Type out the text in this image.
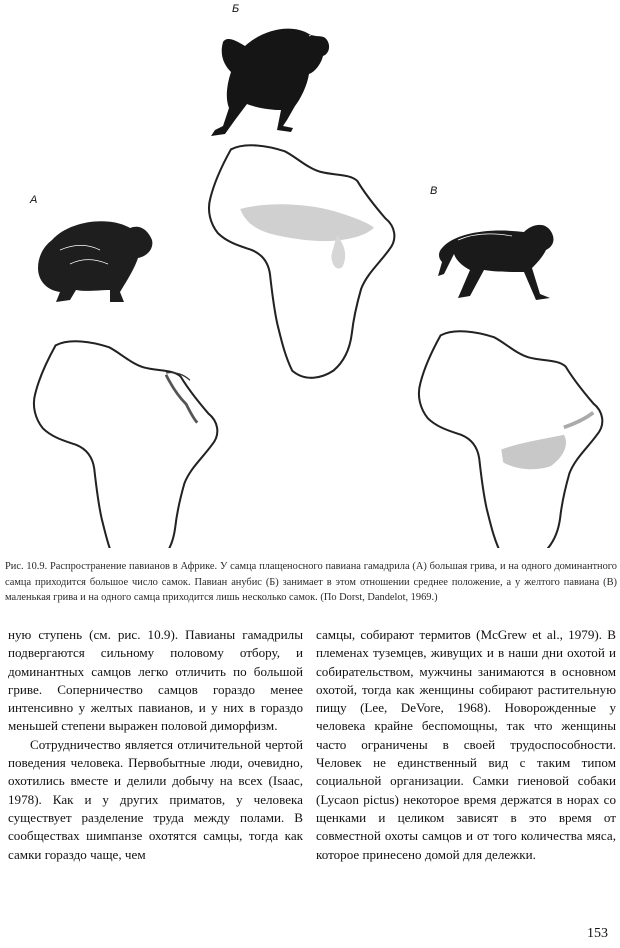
Б
А
В
Рис. 10.9. Распространение павианов в Африке. У самца плащеносного павиана гамадрила (А) большая грива, и на одного доминантного самца приходится большое число самок. Павиан анубис (Б) занимает в этом отношении среднее положение, а у желтого павиана (В) маленькая грива и на одного самца приходится лишь несколько самок. (По Dorst, Dandelot, 1969.)

ную ступень (см. рис. 10.9). Павианы гамадрилы подвергаются сильному половому отбору, и доминантных самцов легко отличить по большой гриве. Соперничество самцов гораздо менее интенсивно у желтых павианов, и у них в гораздо меньшей степени выражен половой диморфизм.

Сотрудничество является отличительной чертой поведения человека. Первобытные люди, очевидно, охотились вместе и делили добычу на всех (Isaac, 1978). Как и у других приматов, у человека существует разделение труда между полами. В сообществах шимпанзе охотятся самцы, тогда как самки гораздо чаще, чем

самцы, собирают термитов (McGrew et al., 1979). В племенах туземцев, живущих и в наши дни охотой и собирательством, мужчины занимаются в основном охотой, тогда как женщины собирают растительную пищу (Lee, DeVore, 1968). Новорожденные у человека крайне беспомощны, так что женщины часто ограничены в своей трудоспособности. Человек не единственный вид с таким типом социальной организации. Самки гиеновой собаки (Lycaon pictus) некоторое время держатся в норах со щенками и целиком зависят в это время от совместной охоты самцов и от того количества мяса, которое принесено домой для дележки.

153
